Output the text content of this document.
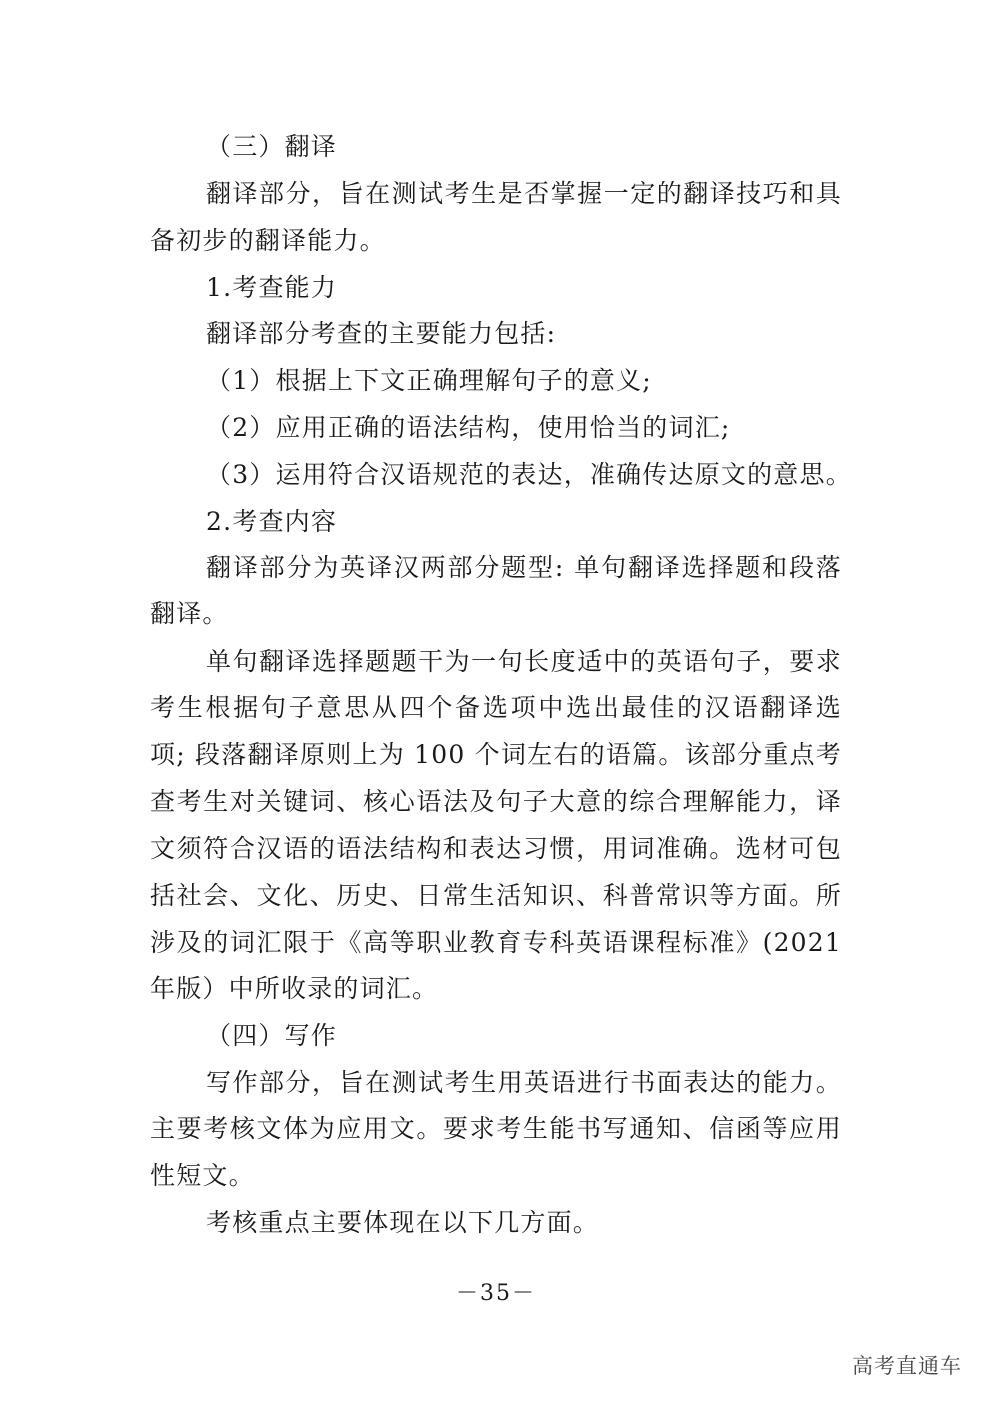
（三）翻译
翻译部分，旨在测试考生是否掌握一定的翻译技巧和具
备初步的翻译能力。
1.考查能力
翻译部分考查的主要能力包括:
（1）根据上下文正确理解句子的意义;
（2）应用正确的语法结构，使用恰当的词汇;
（3）运用符合汉语规范的表达，准确传达原文的意思。
2.考查内容
翻译部分为英译汉两部分题型: 单句翻译选择题和段落
翻译。
单句翻译选择题题干为一句长度适中的英语句子，要求
考生根据句子意思从四个备选项中选出最佳的汉语翻译选
项; 段落翻译原则上为 100 个词左右的语篇。该部分重点考
查考生对关键词、核心语法及句子大意的综合理解能力，译
文须符合汉语的语法结构和表达习惯，用词准确。选材可包
括社会、文化、历史、日常生活知识、科普常识等方面。所
涉及的词汇限于《高等职业教育专科英语课程标准》(2021
年版）中所收录的词汇。
（四）写作
写作部分，旨在测试考生用英语进行书面表达的能力。
主要考核文体为应用文。要求考生能书写通知、信函等应用
性短文。
考核重点主要体现在以下几方面。
－35－
高考直通车
